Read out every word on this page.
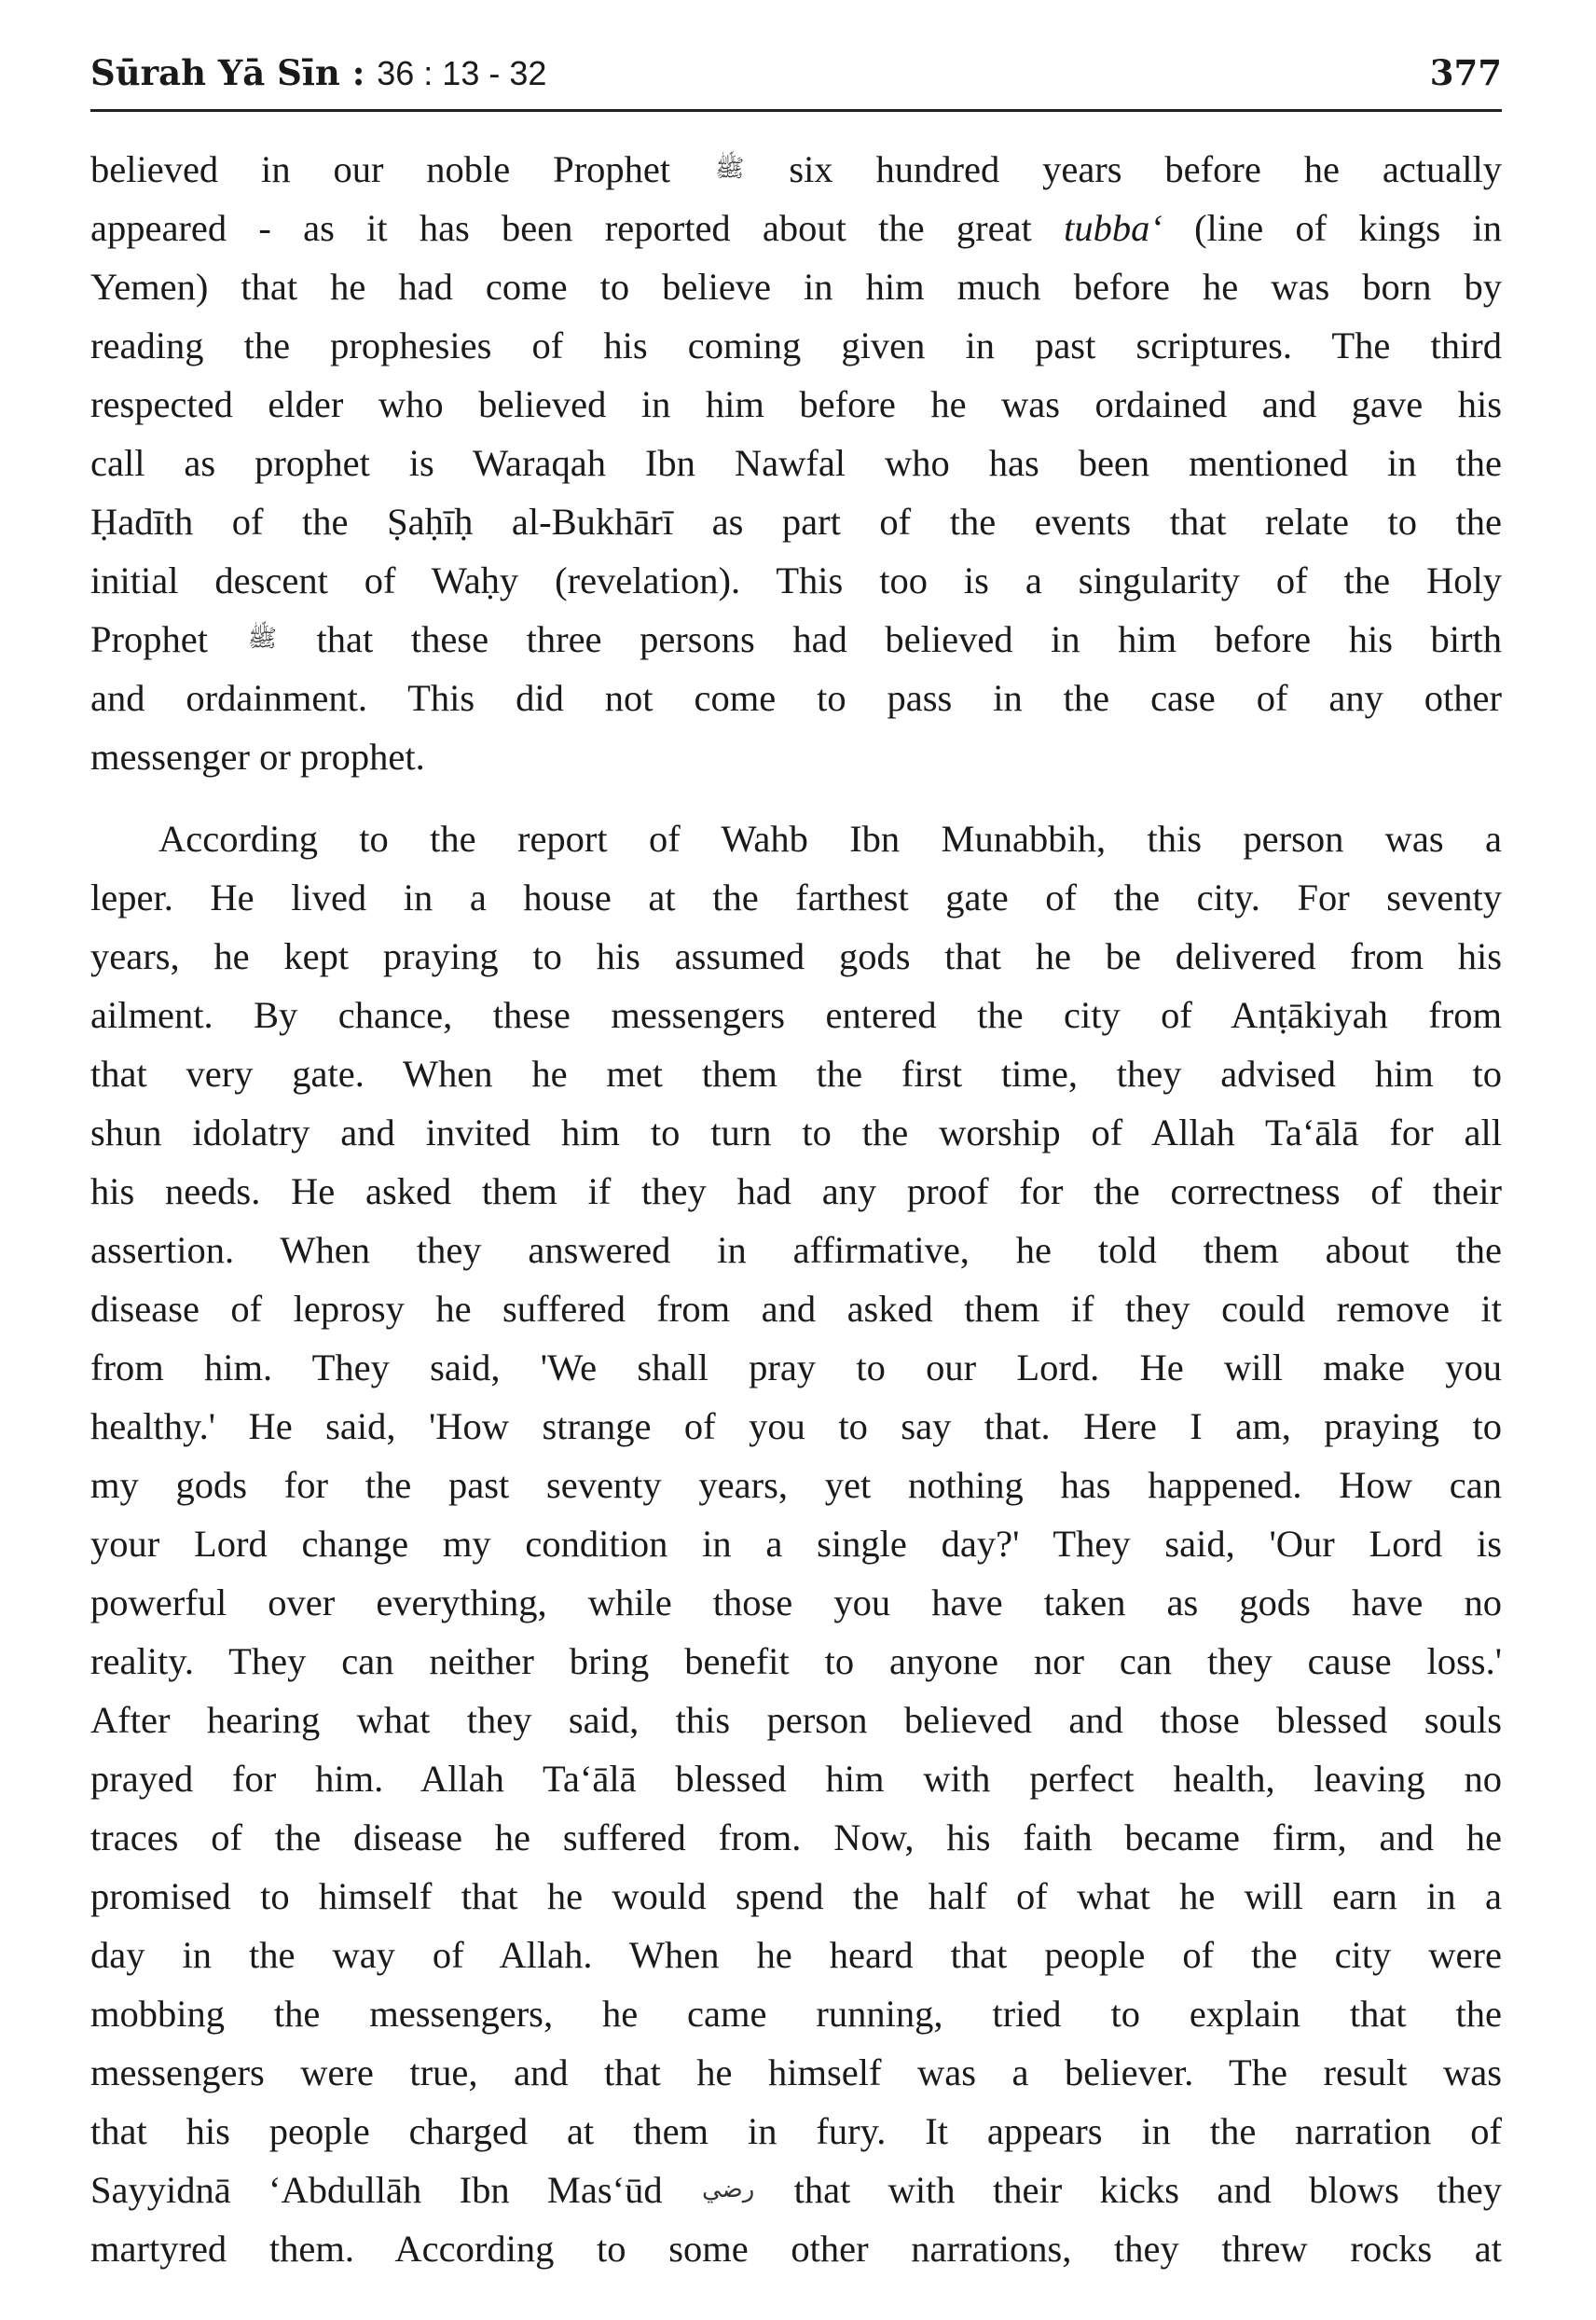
Sūrah Yā Sīn : 36 : 13 - 32	377
believed in our noble Prophet ﷺ six hundred years before he actually
appeared - as it has been reported about the great tubba‘ (line of kings in
Yemen) that he had come to believe in him much before he was born by
reading the prophesies of his coming given in past scriptures. The third
respected elder who believed in him before he was ordained and gave his
call as prophet is Waraqah Ibn Nawfal who has been mentioned in the
Ḥadīth of the Ṣaḥīḥ al-Bukhārī as part of the events that relate to the
initial descent of Waḥy (revelation). This too is a singularity of the Holy
Prophet ﷺ that these three persons had believed in him before his birth
and ordainment. This did not come to pass in the case of any other
messenger or prophet.
According to the report of Wahb Ibn Munabbih, this person was a
leper. He lived in a house at the farthest gate of the city. For seventy
years, he kept praying to his assumed gods that he be delivered from his
ailment. By chance, these messengers entered the city of Anṭākiyah from
that very gate. When he met them the first time, they advised him to
shun idolatry and invited him to turn to the worship of Allah Ta‘ālā for all
his needs. He asked them if they had any proof for the correctness of their
assertion. When they answered in affirmative, he told them about the
disease of leprosy he suffered from and asked them if they could remove it
from him. They said, 'We shall pray to our Lord. He will make you
healthy.' He said, 'How strange of you to say that. Here I am, praying to
my gods for the past seventy years, yet nothing has happened. How can
your Lord change my condition in a single day?' They said, 'Our Lord is
powerful over everything, while those you have taken as gods have no
reality. They can neither bring benefit to anyone nor can they cause loss.'
After hearing what they said, this person believed and those blessed souls
prayed for him. Allah Ta‘ālā blessed him with perfect health, leaving no
traces of the disease he suffered from. Now, his faith became firm, and he
promised to himself that he would spend the half of what he will earn in a
day in the way of Allah. When he heard that people of the city were
mobbing the messengers, he came running, tried to explain that the
messengers were true, and that he himself was a believer. The result was
that his people charged at them in fury. It appears in the narration of
Sayyidnā ‘Abdullāh Ibn Mas‘ūd رضي that with their kicks and blows they
martyred them. According to some other narrations, they threw rocks at
